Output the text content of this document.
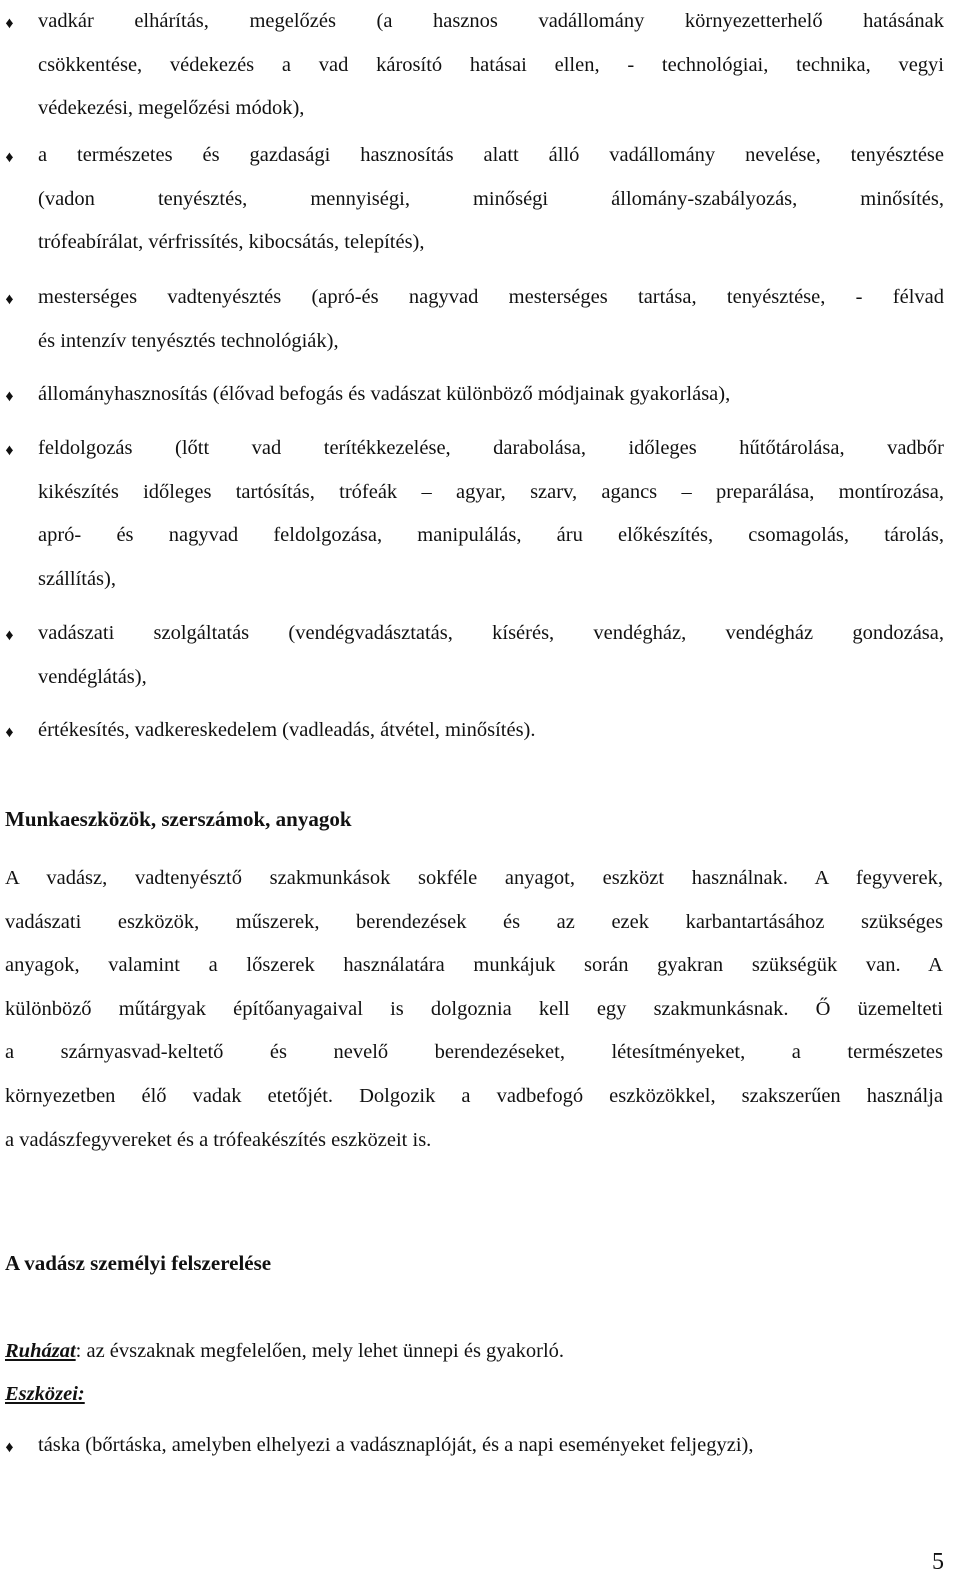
♦ vadkár elhárítás, megelőzés (a hasznos vadállomány környezetterhelő hatásának
csökkentése, védekezés a vad károsító hatásai ellen, - technológiai, technika, vegyi
védekezési, megelőzési módok),
♦ a természetes és gazdasági hasznosítás alatt álló vadállomány nevelése, tenyésztése
(vadon tenyésztés, mennyiségi, minőségi állomány-szabályozás, minősítés,
trófeabírálat, vérfrissítés, kibocsátás, telepítés),
♦ mesterséges vadtenyésztés (apró-és nagyvad mesterséges tartása, tenyésztése, - félvad
és intenzív tenyésztés technológiák),
♦ állományhasznosítás (élővad befogás és vadászat különböző módjainak gyakorlása),
♦ feldolgozás (lőtt vad terítékkezelése, darabolása, időleges hűtőtárolása, vadbőr
kikészítés időleges tartósítás, trófeák – agyar, szarv, agancs – preparálása, montírozása,
apró- és nagyvad feldolgozása, manipulálás, áru előkészítés, csomagolás, tárolás,
szállítás),
♦ vadászati szolgáltatás (vendégvadásztatás, kísérés, vendégház, vendégház gondozása,
vendéglátás),
♦ értékesítés, vadkereskedelem (vadleadás, átvétel, minősítés).
Munkaeszközök, szerszámok, anyagok
A vadász, vadtenyésztő szakmunkások sokféle anyagot, eszközt használnak. A fegyverek,
vadászati eszközök, műszerek, berendezések és az ezek karbantartásához szükséges
anyagok, valamint a lőszerek használatára munkájuk során gyakran szükségük van. A
különböző műtárgyak építőanyagaival is dolgoznia kell egy szakmunkásnak. Ő üzemelteti
a szárnyasvad-keltető és nevelő berendezéseket, létesítményeket, a természetes
környezetben élő vadak etetőjét. Dolgozik a vadbefogó eszközökkel, szakszerűen használja
a vadászfegyvereket és a trófeakészítés eszközeit is.
A vadász személyi felszerelése
Ruházat: az évszaknak megfelelően, mely lehet ünnepi és gyakorló.
Eszközei:
♦ táska (bőrtáska, amelyben elhelyezi a vadásznaplóját, és a napi eseményeket feljegyzi),
5
